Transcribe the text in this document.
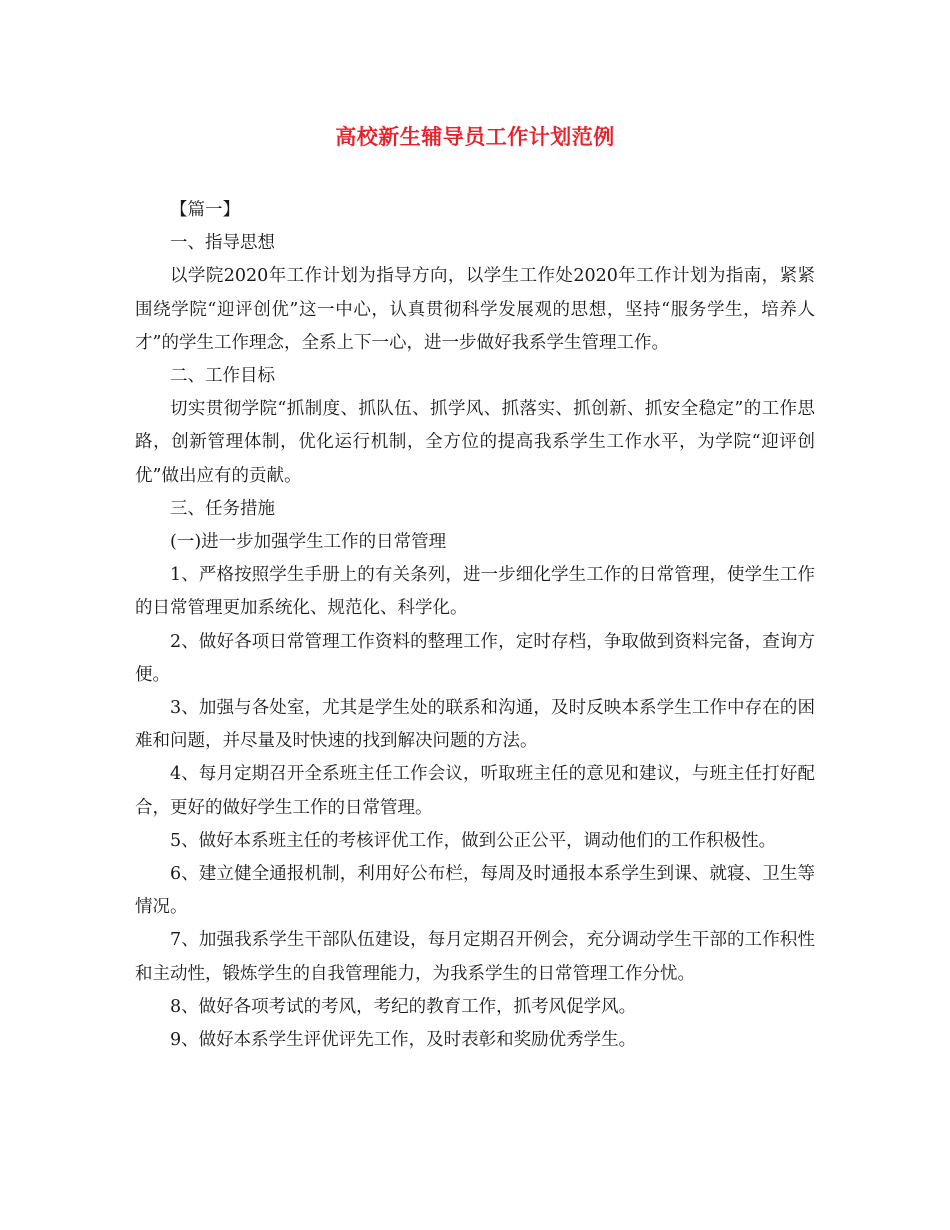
高校新生辅导员工作计划范例

【篇一】

一、指导思想

以学院2020年工作计划为指导方向，以学生工作处2020年工作计划为指南，紧紧围绕学院“迎评创优”这一中心，认真贯彻科学发展观的思想，坚持“服务学生，培养人才”的学生工作理念，全系上下一心，进一步做好我系学生管理工作。

二、工作目标

切实贯彻学院“抓制度、抓队伍、抓学风、抓落实、抓创新、抓安全稳定”的工作思路，创新管理体制，优化运行机制，全方位的提高我系学生工作水平，为学院“迎评创优”做出应有的贡献。

三、任务措施

(一)进一步加强学生工作的日常管理

1、严格按照学生手册上的有关条列，进一步细化学生工作的日常管理，使学生工作的日常管理更加系统化、规范化、科学化。

2、做好各项日常管理工作资料的整理工作，定时存档，争取做到资料完备，查询方便。

3、加强与各处室，尤其是学生处的联系和沟通，及时反映本系学生工作中存在的困难和问题，并尽量及时快速的找到解决问题的方法。

4、每月定期召开全系班主任工作会议，听取班主任的意见和建议，与班主任打好配合，更好的做好学生工作的日常管理。

5、做好本系班主任的考核评优工作，做到公正公平，调动他们的工作积极性。

6、建立健全通报机制，利用好公布栏，每周及时通报本系学生到课、就寝、卫生等情况。

7、加强我系学生干部队伍建设，每月定期召开例会，充分调动学生干部的工作积性和主动性，锻炼学生的自我管理能力，为我系学生的日常管理工作分忧。

8、做好各项考试的考风，考纪的教育工作，抓考风促学风。

9、做好本系学生评优评先工作，及时表彰和奖励优秀学生。
